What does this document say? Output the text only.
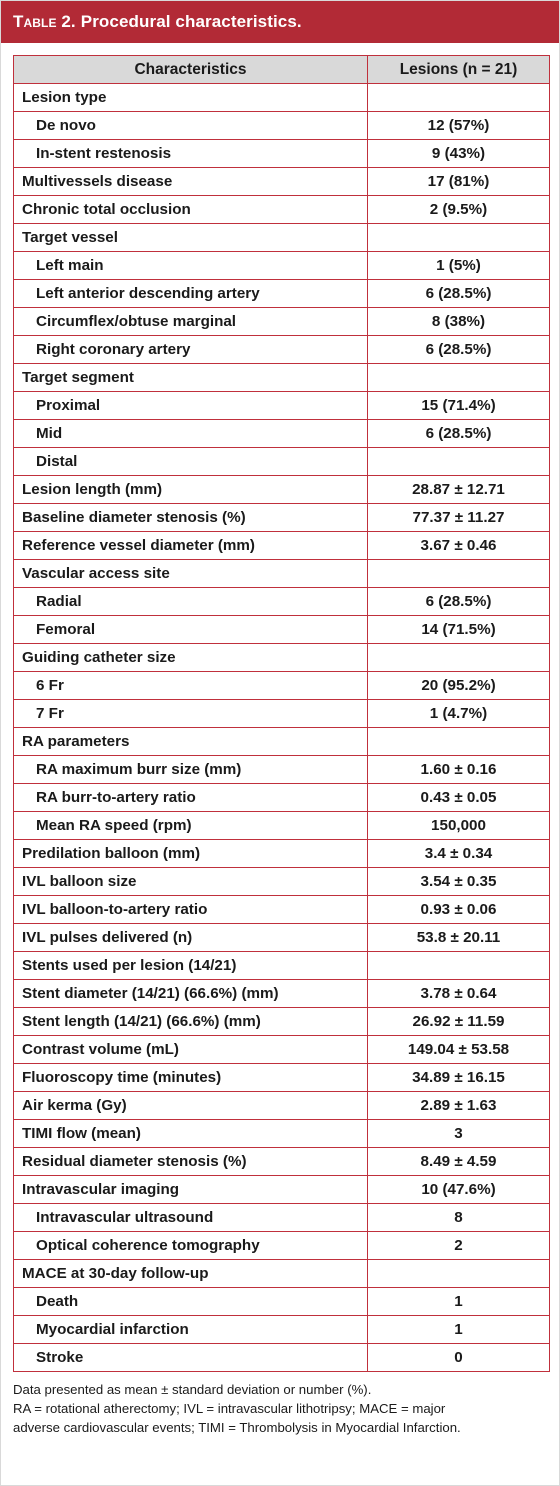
Table 2. Procedural characteristics.
Characteristics	Lesions (n = 21)
Lesion type	
De novo	12 (57%)
In-stent restenosis	9 (43%)
Multivessels disease	17 (81%)
Chronic total occlusion	2 (9.5%)
Target vessel	
Left main	1 (5%)
Left anterior descending artery	6 (28.5%)
Circumflex/obtuse marginal	8 (38%)
Right coronary artery	6 (28.5%)
Target segment	
Proximal	15 (71.4%)
Mid	6 (28.5%)
Distal	
Lesion length (mm)	28.87 ± 12.71
Baseline diameter stenosis (%)	77.37 ± 11.27
Reference vessel diameter (mm)	3.67 ± 0.46
Vascular access site	
Radial	6 (28.5%)
Femoral	14 (71.5%)
Guiding catheter size	
6 Fr	20 (95.2%)
7 Fr	1 (4.7%)
RA parameters	
RA maximum burr size (mm)	1.60 ± 0.16
RA burr-to-artery ratio	0.43 ± 0.05
Mean RA speed (rpm)	150,000
Predilation balloon (mm)	3.4 ± 0.34
IVL balloon size	3.54 ± 0.35
IVL balloon-to-artery ratio	0.93 ± 0.06
IVL pulses delivered (n)	53.8 ± 20.11
Stents used per lesion (14/21)	
Stent diameter (14/21) (66.6%) (mm)	3.78 ± 0.64
Stent length (14/21) (66.6%) (mm)	26.92 ± 11.59
Contrast volume (mL)	149.04 ± 53.58
Fluoroscopy time (minutes)	34.89 ± 16.15
Air kerma (Gy)	2.89 ± 1.63
TIMI flow (mean)	3
Residual diameter stenosis (%)	8.49 ± 4.59
Intravascular imaging	10 (47.6%)
Intravascular ultrasound	8
Optical coherence tomography	2
MACE at 30-day follow-up	
Death	1
Myocardial infarction	1
Stroke	0
Data presented as mean ± standard deviation or number (%).
RA = rotational atherectomy; IVL = intravascular lithotripsy; MACE = major
adverse cardiovascular events; TIMI = Thrombolysis in Myocardial Infarction.
